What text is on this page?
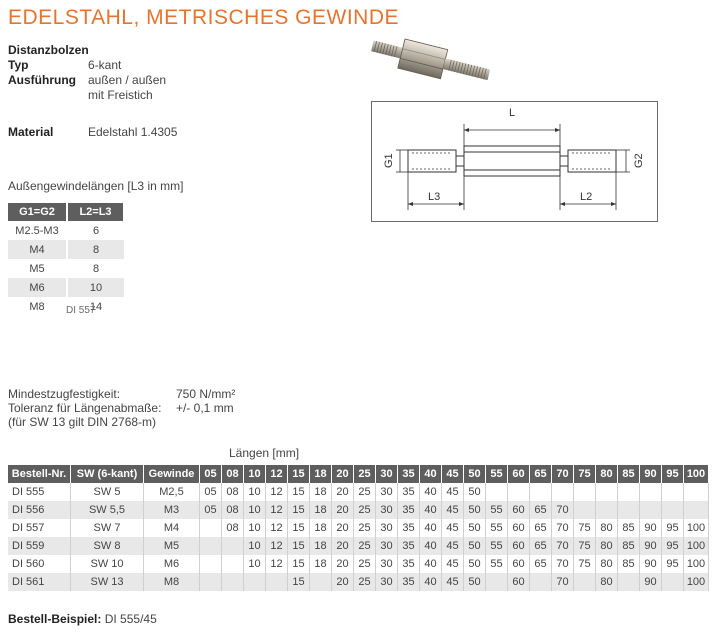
EDELSTAHL, METRISCHES GEWINDE
Distanzbolzen
Typ	6-kant
Ausführung	außen / außen
mit Freistich
Material	Edelstahl 1.4305
L
G1	G2
L3	L2
Außengewindelängen [L3 in mm]
G1=G2	L2=L3
M2.5-M3	6
M4	8
M5	8
M6	10
M8	14
DI 557
Mindestzugfestigkeit:	750 N/mm²
Toleranz für Längenabmaße:	+/- 0,1 mm
(für SW 13 gilt DIN 2768-m)
Längen [mm]
Bestell-Nr.	SW (6-kant)	Gewinde	05	08	10	12	15	18	20	25	30	35	40	45	50	55	60	65	70	75	80	85	90	95	100
DI 555	SW 5	M2,5	05	08	10	12	15	18	20	25	30	35	40	45	50										
DI 556	SW 5,5	M3	05	08	10	12	15	18	20	25	30	35	40	45	50	55	60	65	70						
DI 557	SW 7	M4		08	10	12	15	18	20	25	30	35	40	45	50	55	60	65	70	75	80	85	90	95	100
DI 559	SW 8	M5			10	12	15	18	20	25	30	35	40	45	50	55	60	65	70	75	80	85	90	95	100
DI 560	SW 10	M6			10	12	15	18	20	25	30	35	40	45	50	55	60	65	70	75	80	85	90	95	100
DI 561	SW 13	M8					15		20	25	30	35	40	45	50		60		70		80		90		100
Bestell-Beispiel: DI 555/45
